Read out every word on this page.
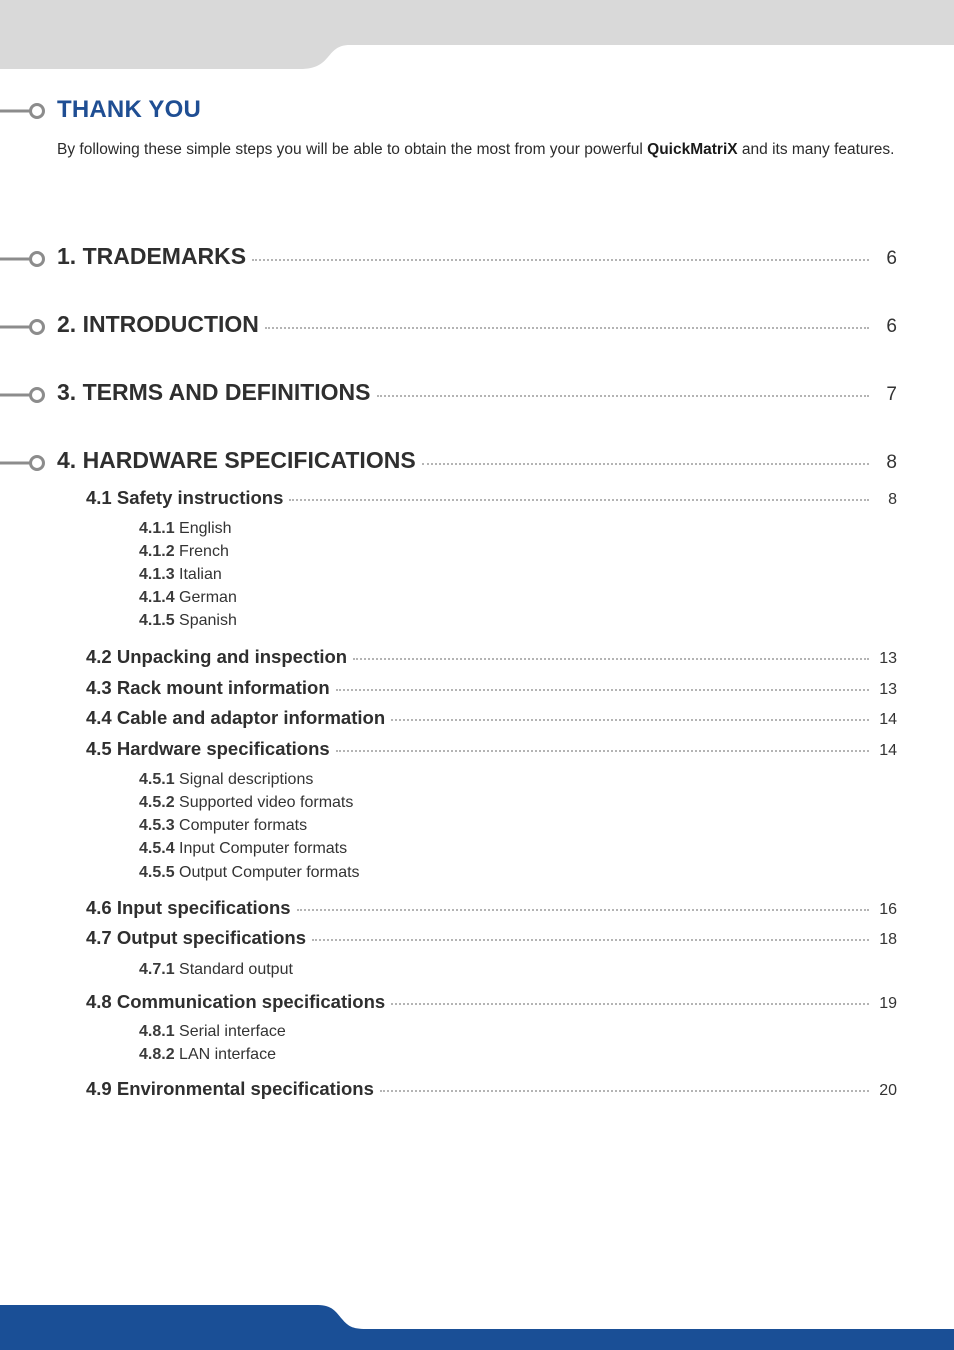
THANK YOU

By following these simple steps you will be able to obtain the most from your powerful QuickMatriX and its many features.

1. TRADEMARKS	6
2. INTRODUCTION	6
3. TERMS AND DEFINITIONS	7
4. HARDWARE SPECIFICATIONS	8
4.1 Safety instructions	8
4.1.1 English
4.1.2 French
4.1.3 Italian
4.1.4 German
4.1.5 Spanish
4.2 Unpacking and inspection	13
4.3 Rack mount information	13
4.4 Cable and adaptor information	14
4.5 Hardware specifications	14
4.5.1 Signal descriptions
4.5.2 Supported video formats
4.5.3 Computer formats
4.5.4 Input Computer formats
4.5.5 Output Computer formats
4.6 Input specifications	16
4.7 Output specifications	18
4.7.1 Standard output
4.8 Communication specifications	19
4.8.1 Serial interface
4.8.2 LAN interface
4.9 Environmental specifications	20
